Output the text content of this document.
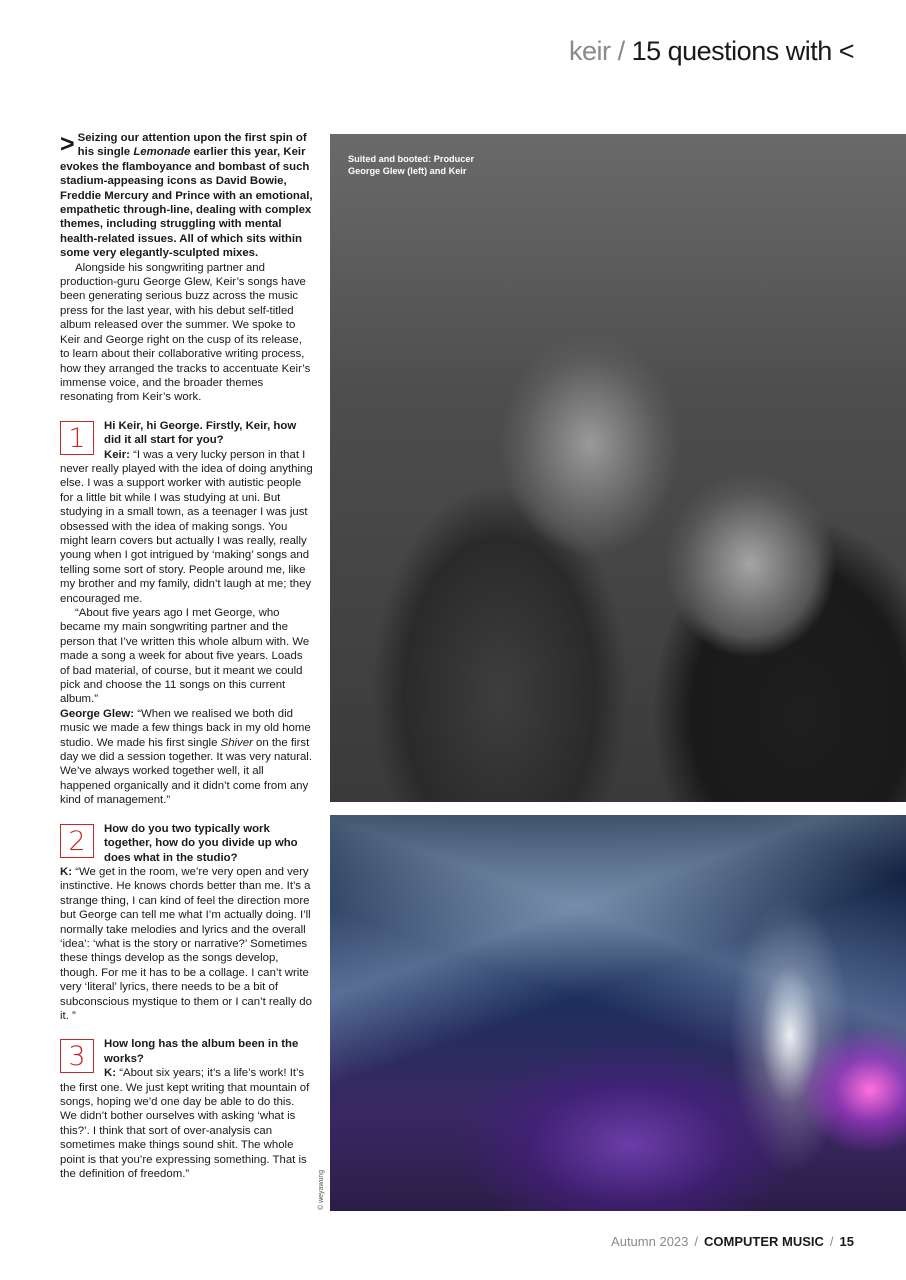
keir / 15 questions with <

> Seizing our attention upon the first spin of his single Lemonade earlier this year, Keir evokes the flamboyance and bombast of such stadium-appeasing icons as David Bowie, Freddie Mercury and Prince with an emotional, empathetic through-line, dealing with complex themes, including struggling with mental health-related issues. All of which sits within some very elegantly-sculpted mixes.

Alongside his songwriting partner and production-guru George Glew, Keir’s songs have been generating serious buzz across the music press for the last year, with his debut self-titled album released over the summer. We spoke to Keir and George right on the cusp of its release, to learn about their collaborative writing process, how they arranged the tracks to accentuate Keir’s immense voice, and the broader themes resonating from Keir’s work.

1	Hi Keir, hi George. Firstly, Keir, how did it all start for you?

Keir: “I was a very lucky person in that I never really played with the idea of doing anything else. I was a support worker with autistic people for a little bit while I was studying at uni. But studying in a small town, as a teenager I was just obsessed with the idea of making songs. You might learn covers but actually I was really, really young when I got intrigued by ‘making’ songs and telling some sort of story. People around me, like my brother and my family, didn’t laugh at me; they encouraged me.

“About five years ago I met George, who became my main songwriting partner and the person that I’ve written this whole album with. We made a song a week for about five years. Loads of bad material, of course, but it meant we could pick and choose the 11 songs on this current album.”

George Glew: “When we realised we both did music we made a few things back in my old home studio. We made his first single Shiver on the first day we did a session together. It was very natural. We’ve always worked together well, it all happened organically and it didn’t come from any kind of management.”

2	How do you two typically work together, how do you divide up who does what in the studio?

K: “We get in the room, we’re very open and very instinctive. He knows chords better than me. It’s a strange thing, I can kind of feel the direction more but George can tell me what I’m actually doing. I’ll normally take melodies and lyrics and the overall ‘idea’: ‘what is the story or narrative?’ Sometimes these things develop as the songs develop, though. For me it has to be a collage. I can’t write very ‘literal’ lyrics, there needs to be a bit of subconscious mystique to them or I can’t really do it. ”

3	How long has the album been in the works?

K: “About six years; it’s a life’s work! It’s the first one. We just kept writing that mountain of songs, hoping we’d one day be able to do this. We didn’t bother ourselves with asking ‘what is this?’. I think that sort of over-analysis can sometimes make things sound shit. The whole point is that you’re expressing something. That is the definition of freedom.”

Suited and booted: Producer George Glew (left) and Keir
© weyawung
Autumn 2023 / COMPUTER MUSIC / 15
